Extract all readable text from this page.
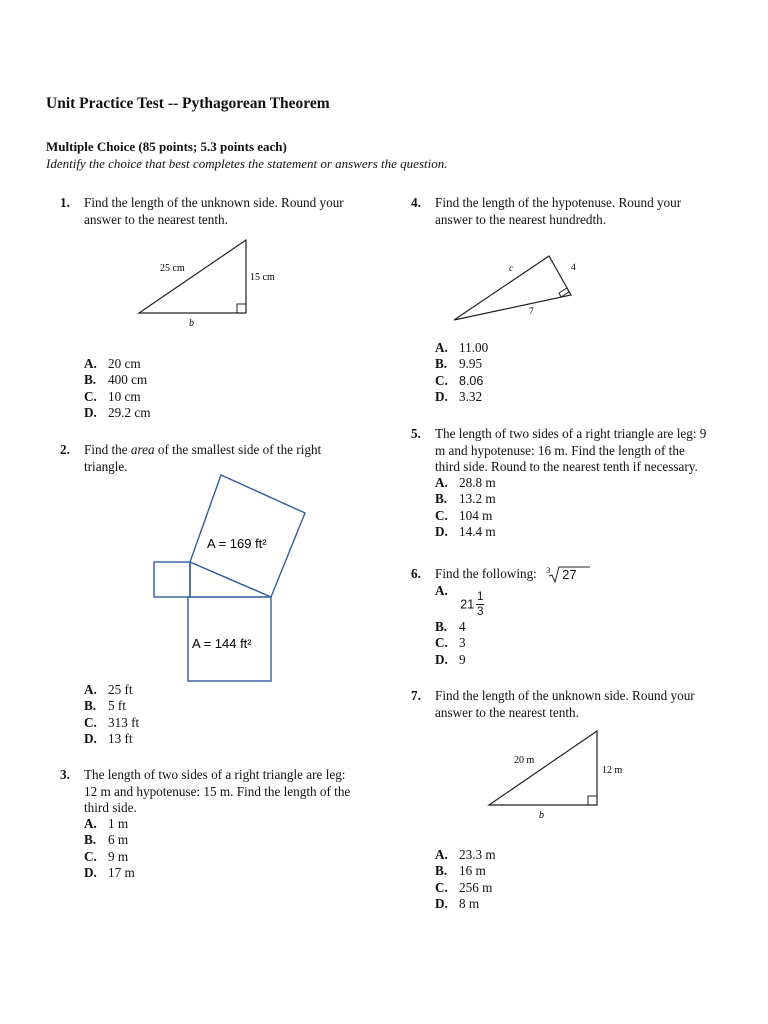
Unit Practice Test -- Pythagorean Theorem
Multiple Choice (85 points; 5.3 points each)
Identify the choice that best completes the statement or answers the question.
1. Find the length of the unknown side. Round your
answer to the nearest tenth.
25 cm
15 cm
b
A. 20 cm
B. 400 cm
C. 10 cm
D. 29.2 cm
2. Find the area of the smallest side of the right
triangle.
A = 169 ft²
A = 144 ft²
A. 25 ft
B. 5 ft
C. 313 ft
D. 13 ft
3. The length of two sides of a right triangle are leg:
12 m and hypotenuse: 15 m. Find the length of the
third side.
A. 1 m
B. 6 m
C. 9 m
D. 17 m
4. Find the length of the hypotenuse. Round your
answer to the nearest hundredth.
c	4
7
A. 11.00
B. 9.95
C. 8.06
D. 3.32
5. The length of two sides of a right triangle are leg: 9
m and hypotenuse: 16 m. Find the length of the
third side. Round to the nearest tenth if necessary.
A. 28.8 m
B. 13.2 m
C. 104 m
D. 14.4 m
6. Find the following: 3 27
A. $21 \frac{1}{3}$
B. 4
C. 3
D. 9
7. Find the length of the unknown side. Round your
answer to the nearest tenth.
20 m
12 m
b
A. 23.3 m
B. 16 m
C. 256 m
D. 8 m
